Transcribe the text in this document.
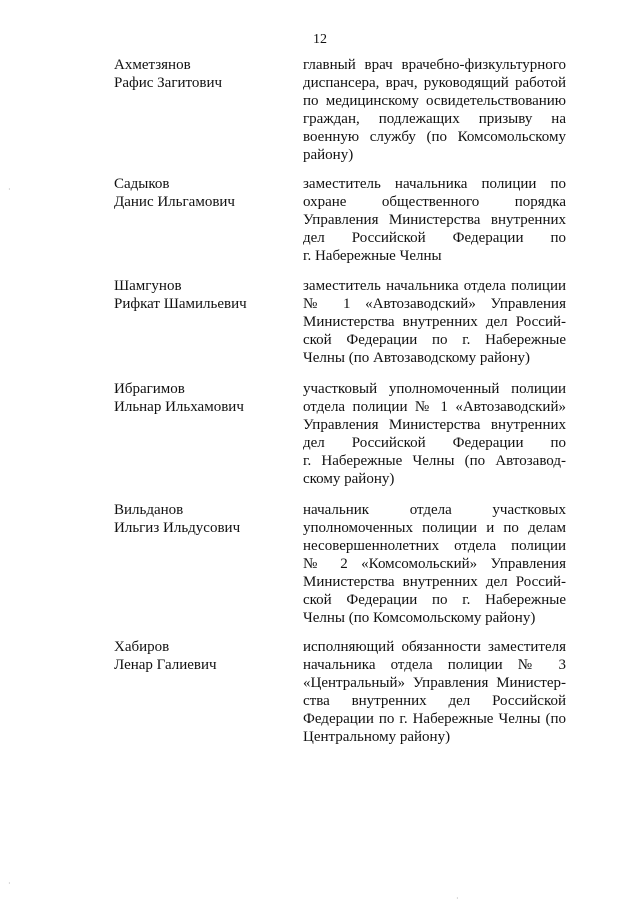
12
Ахметзянов
Рафис Загитович
главный врач врачебно-физкультурного
диспансера, врач, руководящий работой
по медицинскому освидетельствованию
граждан, подлежащих призыву на
военную службу (по Комсомольскому
району)
Садыков
Данис Ильгамович
заместитель начальника полиции по
охране общественного порядка
Управления Министерства внутренних
дел Российской Федерации по
г. Набережные Челны
Шамгунов
Рифкат Шамильевич
заместитель начальника отдела полиции
№ 1 «Автозаводский» Управления
Министерства внутренних дел Россий-
ской Федерации по г. Набережные
Челны (по Автозаводскому району)
Ибрагимов
Ильнар Ильхамович
участковый уполномоченный полиции
отдела полиции № 1 «Автозаводский»
Управления Министерства внутренних
дел Российской Федерации по
г. Набережные Челны (по Автозавод-
скому району)
Вильданов
Ильгиз Ильдусович
начальник отдела участковых
уполномоченных полиции и по делам
несовершеннолетних отдела полиции
№ 2 «Комсомольский» Управления
Министерства внутренних дел Россий-
ской Федерации по г. Набережные
Челны (по Комсомольскому району)
Хабиров
Ленар Галиевич
исполняющий обязанности заместителя
начальника отдела полиции № 3
«Центральный» Управления Министер-
ства внутренних дел Российской
Федерации по г. Набережные Челны (по
Центральному району)
·
·
·
